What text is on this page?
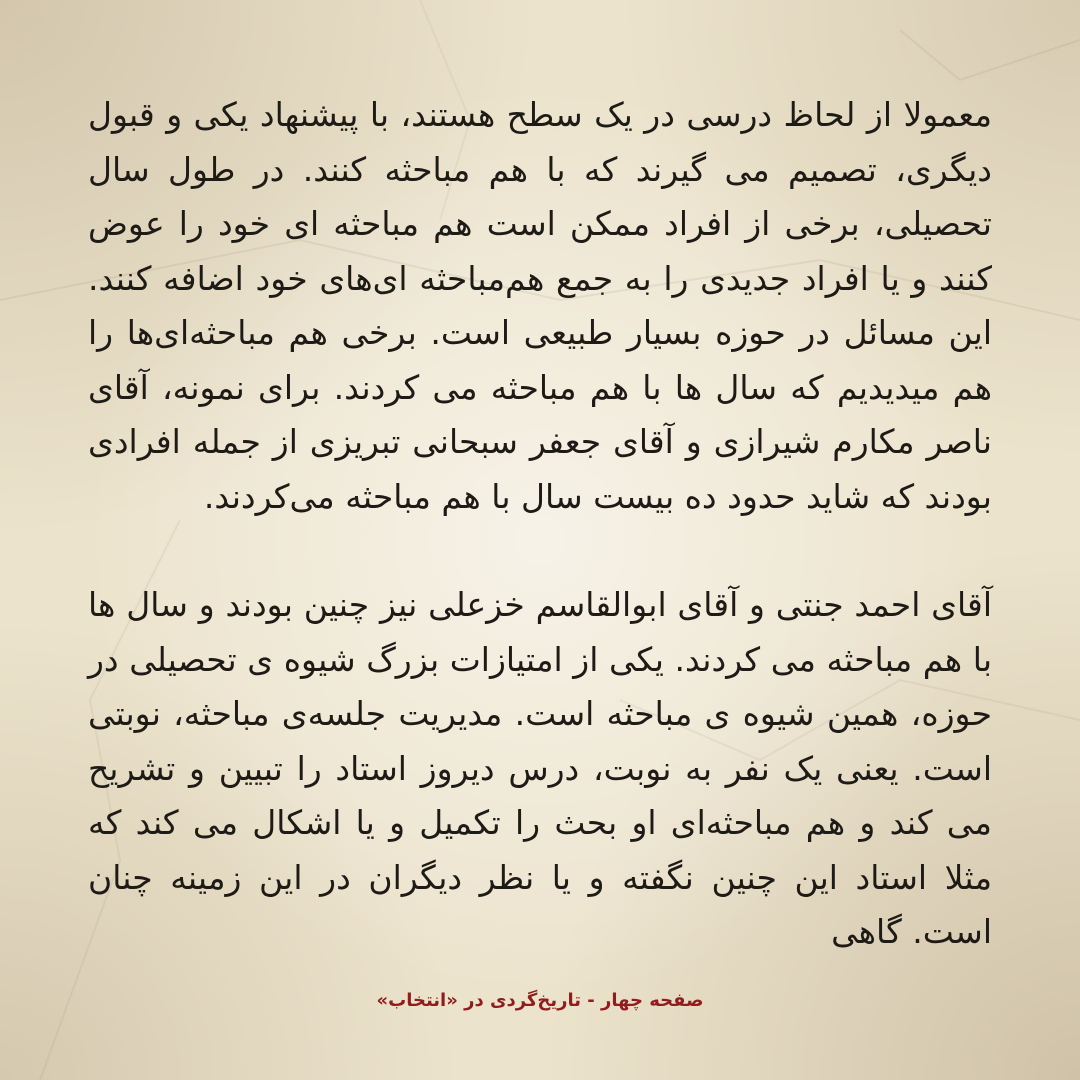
معمولا از لحاظ درسی در یک سطح هستند، با پیشنهاد یکی و قبول دیگری، تصمیم می گیرند که با هم مباحثه کنند. در طول سال تحصیلی، برخی از افراد ممکن است هم مباحثه ای خود را عوض کنند و یا افراد جدیدی را به جمع هم‌مباحثه ای‌های خود اضافه کنند. این مسائل در حوزه بسیار طبیعی است. برخی هم مباحثه‌ای‌ها را هم میدیدیم که سال ها با هم مباحثه می کردند. برای نمونه، آقای ناصر مکارم شیرازی و آقای جعفر سبحانی تبریزی از جمله افرادی بودند که شاید حدود ده بیست سال با هم مباحثه می‌کردند.

آقای احمد جنتی و آقای ابوالقاسم خزعلی نیز چنین بودند و سال ها با هم مباحثه می کردند. یکی از امتیازات بزرگ شیوه ی تحصیلی در حوزه، همین شیوه ی مباحثه است. مدیریت جلسه‌ی مباحثه، نوبتی است. یعنی یک نفر به نوبت، درس دیروز استاد را تبیین و تشریح می کند و هم مباحثه‌ای او بحث را تکمیل و یا اشکال می کند که مثلا استاد این چنین نگفته و یا نظر دیگران در این زمینه چنان است. گاهی

صفحه چهار - تاریخ‌گردی در «انتخاب»
